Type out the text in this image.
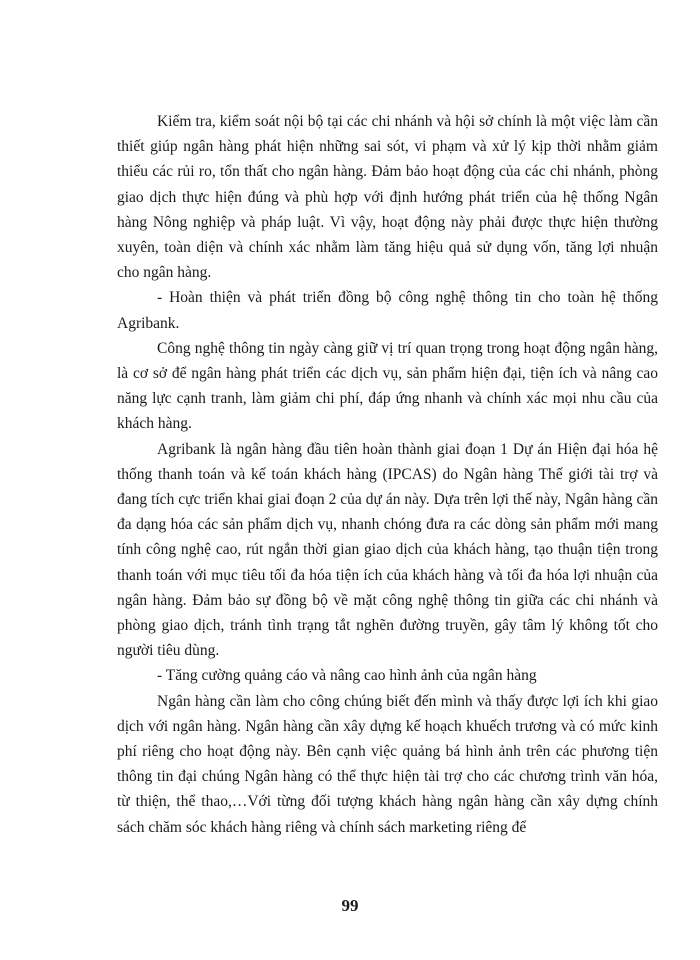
Kiểm tra, kiểm soát nội bộ tại các chi nhánh và hội sở chính là một việc làm cần thiết giúp ngân hàng phát hiện những sai sót, vi phạm và xử lý kịp thời nhằm giảm thiểu các rủi ro, tổn thất cho ngân hàng. Đảm bảo hoạt động của các chi nhánh, phòng giao dịch thực hiện đúng và phù hợp với định hướng phát triển của hệ thống Ngân hàng Nông nghiệp và pháp luật. Vì vậy, hoạt động này phải được thực hiện thường xuyên, toàn diện và chính xác nhằm làm tăng hiệu quả sử dụng vốn, tăng lợi nhuận cho ngân hàng.

- Hoàn thiện và phát triển đồng bộ công nghệ thông tin cho toàn hệ thống Agribank.

Công nghệ thông tin ngày càng giữ vị trí quan trọng trong hoạt động ngân hàng, là cơ sở để ngân hàng phát triển các dịch vụ, sản phẩm hiện đại, tiện ích và nâng cao năng lực cạnh tranh, làm giảm chi phí, đáp ứng nhanh và chính xác mọi nhu cầu của khách hàng.

Agribank là ngân hàng đầu tiên hoàn thành giai đoạn 1 Dự án Hiện đại hóa hệ thống thanh toán và kế toán khách hàng (IPCAS) do Ngân hàng Thế giới tài trợ và đang tích cực triển khai giai đoạn 2 của dự án này. Dựa trên lợi thế này, Ngân hàng cần đa dạng hóa các sản phẩm dịch vụ, nhanh chóng đưa ra các dòng sản phẩm mới mang tính công nghệ cao, rút ngắn thời gian giao dịch của khách hàng, tạo thuận tiện trong thanh toán với mục tiêu tối đa hóa tiện ích của khách hàng và tối đa hóa lợi nhuận của ngân hàng. Đảm bảo sự đồng bộ về mặt công nghệ thông tin giữa các chi nhánh và phòng giao dịch, tránh tình trạng tắt nghẽn đường truyền, gây tâm lý không tốt cho người tiêu dùng.

- Tăng cường quảng cáo và nâng cao hình ảnh của ngân hàng

Ngân hàng cần làm cho công chúng biết đến mình và thấy được lợi ích khi giao dịch với ngân hàng. Ngân hàng cần xây dựng kế hoạch khuếch trương và có mức kinh phí riêng cho hoạt động này. Bên cạnh việc quảng bá hình ảnh trên các phương tiện thông tin đại chúng Ngân hàng có thể thực hiện tài trợ cho các chương trình văn hóa, từ thiện, thể thao,…Với từng đối tượng khách hàng ngân hàng cần xây dựng chính sách chăm sóc khách hàng riêng và chính sách marketing riêng để

99
